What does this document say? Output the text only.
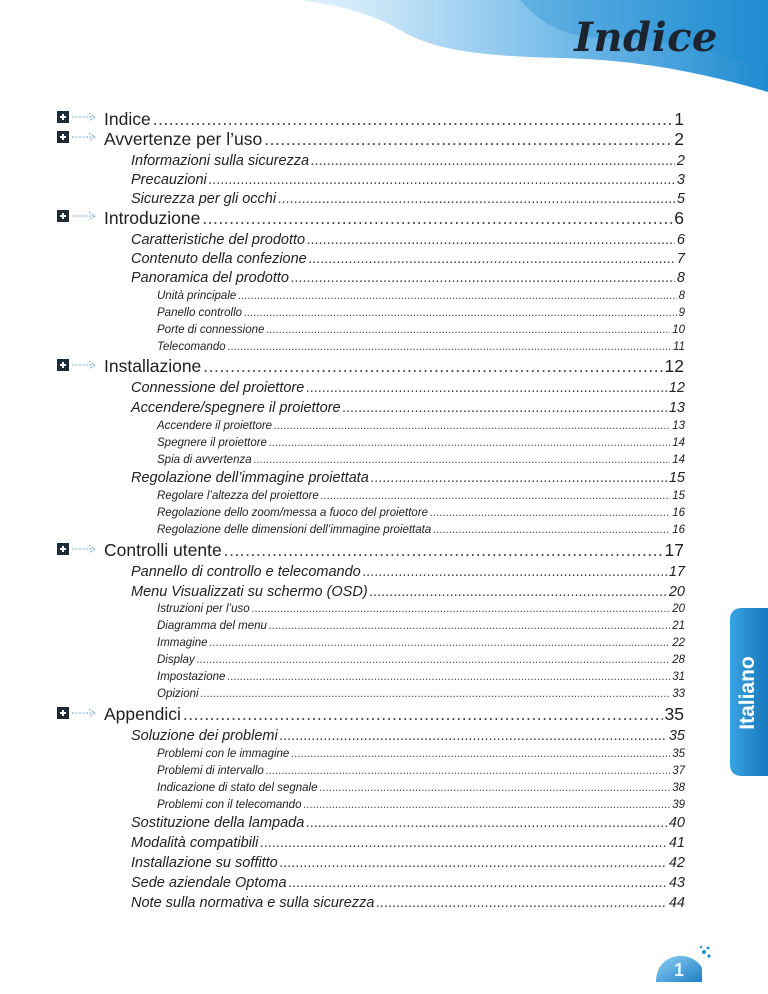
Indice
Italiano
Indice .....	1
Avvertenze per l’uso .....	2
Informazioni sulla sicurezza .....	2
Precauzioni .....	3
Sicurezza per gli occhi .....	5
Introduzione .....	6
Caratteristiche del prodotto .....	6
Contenuto della confezione .....	7
Panoramica del prodotto .....	8
Unità principale .....	8
Panello controllo .....	9
Porte di connessione .....	10
Telecomando .....	11
Installazione .....	12
Connessione del proiettore .....	12
Accendere/spegnere il proiettore .....	13
Accendere il proiettore .....	13
Spegnere il proiettore .....	14
Spia di avvertenza .....	14
Regolazione dell’immagine proiettata .....	15
Regolare l’altezza del proiettore .....	15
Regolazione dello zoom/messa a fuoco del proiettore .....	16
Regolazione delle dimensioni dell’immagine proiettata .....	16
Controlli utente .....	17
Pannello di controllo e telecomando .....	17
Menu Visualizzati su schermo (OSD) .....	20
Istruzioni per l’uso .....	20
Diagramma del menu .....	21
Immagine .....	22
Display .....	28
Impostazione .....	31
Opizioni .....	33
Appendici .....	35
Soluzione dei problemi .....	35
Problemi con le immagine .....	35
Problemi di intervallo .....	37
Indicazione di stato del segnale .....	38
Problemi con il telecomando .....	39
Sostituzione della lampada .....	40
Modalità compatibili .....	41
Installazione su soffitto .....	42
Sede aziendale Optoma .....	43
Note sulla normativa e sulla sicurezza .....	44
1
